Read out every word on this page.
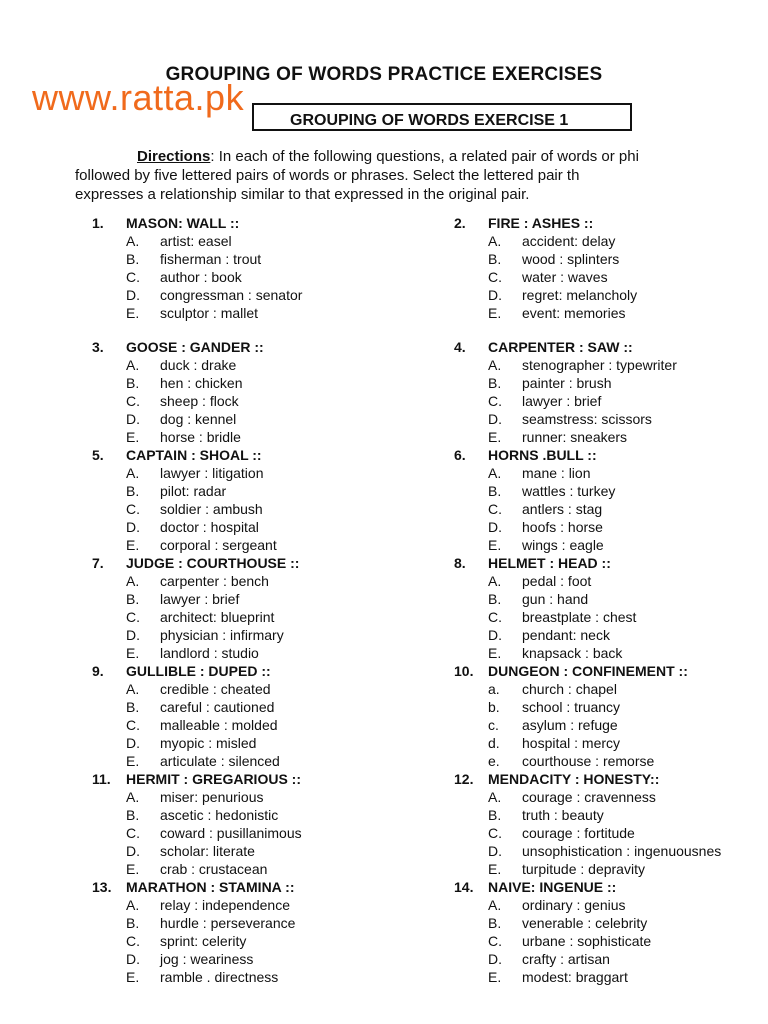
GROUPING OF WORDS PRACTICE EXERCISES
www.ratta.pk
GROUPING OF WORDS EXERCISE 1
Directions: In each of the following questions, a related pair of words or phi
followed by five lettered pairs of words or phrases. Select the lettered pair th
expresses a relationship similar to that expressed in the original pair.
1.	MASON: WALL ::
A.	artist: easel
B.	fisherman : trout
C.	author : book
D.	congressman : senator
E.	sculptor : mallet
3.	GOOSE : GANDER ::
A.	duck : drake
B.	hen : chicken
C.	sheep : flock
D.	dog : kennel
E.	horse : bridle
5.	CAPTAIN : SHOAL ::
A.	lawyer : litigation
B.	pilot: radar
C.	soldier : ambush
D.	doctor : hospital
E.	corporal : sergeant
7.	JUDGE : COURTHOUSE ::
A.	carpenter : bench
B.	lawyer : brief
C.	architect: blueprint
D.	physician : infirmary
E.	landlord : studio
9.	GULLIBLE : DUPED ::
A.	credible : cheated
B.	careful : cautioned
C.	malleable : molded
D.	myopic : misled
E.	articulate : silenced
11.	HERMIT : GREGARIOUS ::
A.	miser: penurious
B.	ascetic : hedonistic
C.	coward : pusillanimous
D.	scholar: literate
E.	crab : crustacean
13.	MARATHON : STAMINA ::
A.	relay : independence
B.	hurdle : perseverance
C.	sprint: celerity
D.	jog : weariness
E.	ramble . directness
2.	FIRE : ASHES ::
A.	accident: delay
B.	wood : splinters
C.	water : waves
D.	regret: melancholy
E.	event: memories
4.	CARPENTER : SAW ::
A.	stenographer : typewriter
B.	painter : brush
C.	lawyer : brief
D.	seamstress: scissors
E.	runner: sneakers
6.	HORNS .BULL ::
A.	mane : lion
B.	wattles : turkey
C.	antlers : stag
D.	hoofs : horse
E.	wings : eagle
8.	HELMET : HEAD ::
A.	pedal : foot
B.	gun : hand
C.	breastplate : chest
D.	pendant: neck
E.	knapsack : back
10.	DUNGEON : CONFINEMENT ::
a.	church : chapel
b.	school : truancy
c.	asylum : refuge
d.	hospital : mercy
e.	courthouse : remorse
12.	MENDACITY : HONESTY::
A.	courage : cravenness
B.	truth : beauty
C.	courage : fortitude
D.	unsophistication : ingenuousnes
E.	turpitude : depravity
14.	NAIVE: INGENUE ::
A.	ordinary : genius
B.	venerable : celebrity
C.	urbane : sophisticate
D.	crafty : artisan
E.	modest: braggart
